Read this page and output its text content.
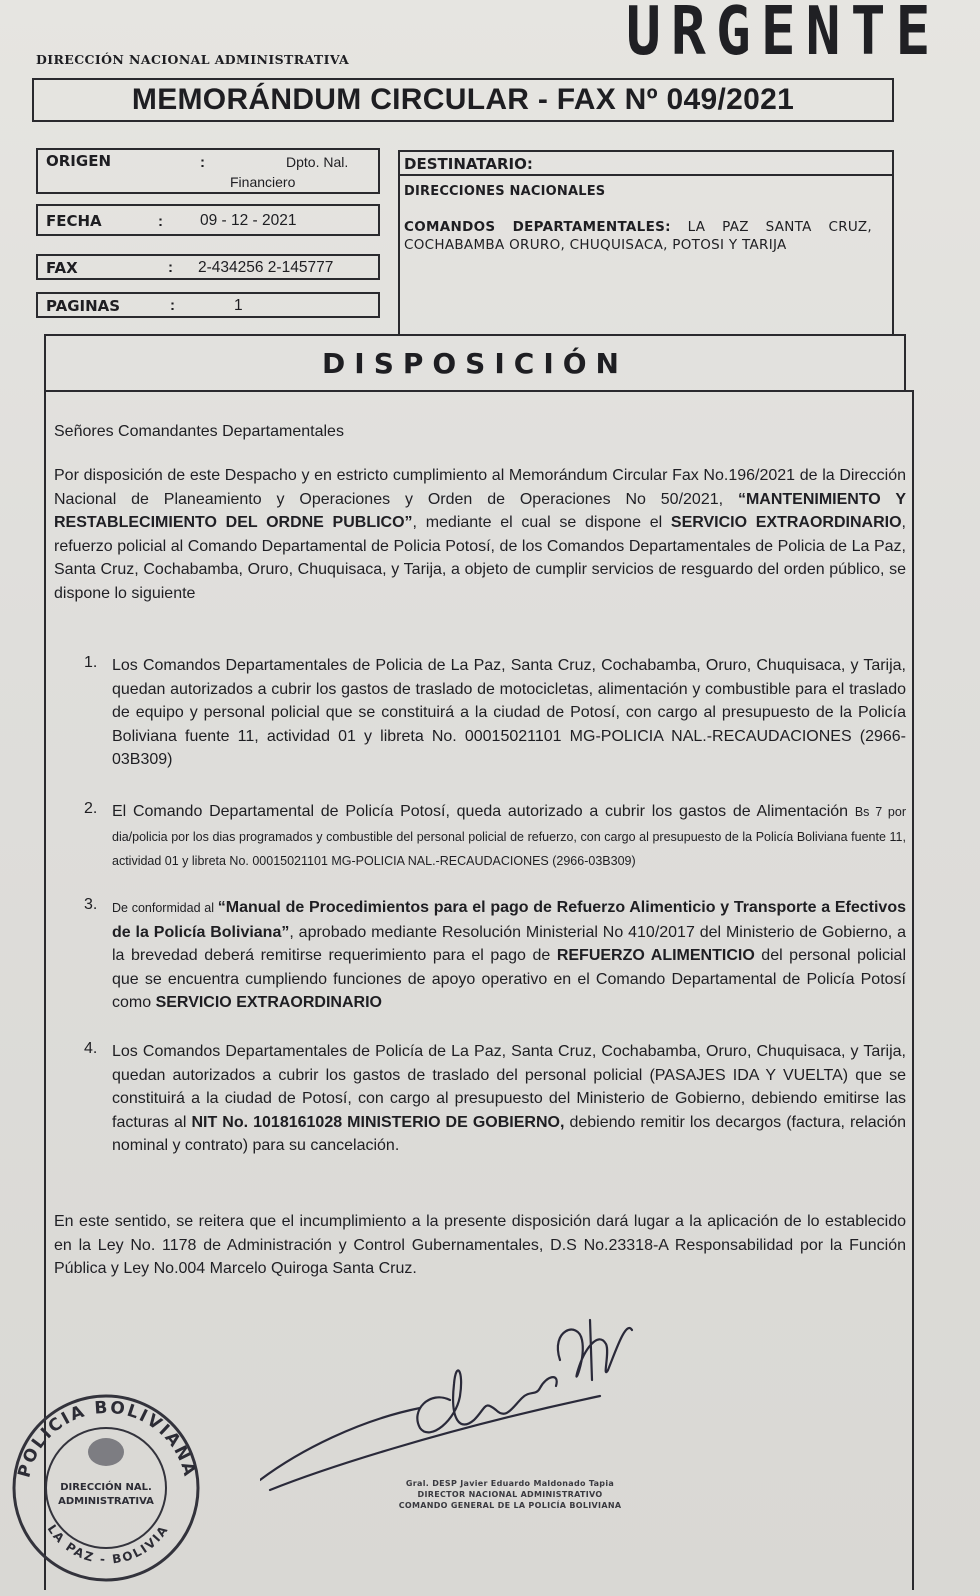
DIRECCIÓN NACIONAL ADMINISTRATIVA	URGENTE
MEMORÁNDUM CIRCULAR - FAX Nº 049/2021
ORIGEN	:	Dpto. Nal.
Financiero
FECHA	: 09 - 12 - 2021
FAX	: 2-434256 2-145777
PAGINAS	:	1
DESTINATARIO:
DIRECCIONES NACIONALES
COMANDOS DEPARTAMENTALES: LA PAZ SANTA CRUZ, COCHABAMBA ORURO, CHUQUISACA, POTOSI Y TARIJA
DISPOSICIÓN
Señores Comandantes Departamentales
Por disposición de este Despacho y en estricto cumplimiento al Memorándum Circular Fax No.196/2021 de la Dirección Nacional de Planeamiento y Operaciones y Orden de Operaciones No 50/2021, “MANTENIMIENTO Y RESTABLECIMIENTO DEL ORDNE PUBLICO”, mediante el cual se dispone el SERVICIO EXTRAORDINARIO, refuerzo policial al Comando Departamental de Policia Potosí, de los Comandos Departamentales de Policia de La Paz, Santa Cruz, Cochabamba, Oruro, Chuquisaca, y Tarija, a objeto de cumplir servicios de resguardo del orden público, se dispone lo siguiente
1. Los Comandos Departamentales de Policia de La Paz, Santa Cruz, Cochabamba, Oruro, Chuquisaca, y Tarija, quedan autorizados a cubrir los gastos de traslado de motocicletas, alimentación y combustible para el traslado de equipo y personal policial que se constituirá a la ciudad de Potosí, con cargo al presupuesto de la Policía Boliviana fuente 11, actividad 01 y libreta No. 00015021101 MG-POLICIA NAL.-RECAUDACIONES (2966-03B309)
2. El Comando Departamental de Policía Potosí, queda autorizado a cubrir los gastos de Alimentación Bs 7 por dia/policia por los dias programados y combustible del personal policial de refuerzo, con cargo al presupuesto de la Policía Boliviana fuente 11, actividad 01 y libreta No. 00015021101 MG-POLICIA NAL.-RECAUDACIONES (2966-03B309)
3.	De conformidad al “Manual de Procedimientos para el pago de Refuerzo Alimenticio y Transporte a Efectivos de la Policía Boliviana”, aprobado mediante Resolución Ministerial No 410/2017 del Ministerio de Gobierno, a la brevedad deberá remitirse requerimiento para el pago de REFUERZO ALIMENTICIO del personal policial que se encuentra cumpliendo funciones de apoyo operativo en el Comando Departamental de Policía Potosí como SERVICIO EXTRAORDINARIO
4. Los Comandos Departamentales de Policía de La Paz, Santa Cruz, Cochabamba, Oruro, Chuquisaca, y Tarija, quedan autorizados a cubrir los gastos de traslado del personal policial (PASAJES IDA Y VUELTA) que se constituirá a la ciudad de Potosí, con cargo al presupuesto del Ministerio de Gobierno, debiendo emitirse las facturas al NIT No. 1018161028 MINISTERIO DE GOBIERNO, debiendo remitir los decargos (factura, relación nominal y contrato) para su cancelación.
En este sentido, se reitera que el incumplimiento a la presente disposición dará lugar a la aplicación de lo establecido en la Ley No. 1178 de Administración y Control Gubernamentales, D.S No.23318-A Responsabilidad por la Función Pública y Ley No.004 Marcelo Quiroga Santa Cruz.
Gral. DESP Javier Eduardo Maldonado Tapia
DIRECTOR NACIONAL ADMINISTRATIVO
COMANDO GENERAL DE LA POLICÍA BOLIVIANA
POLICIA BOLIVIANA
LA PAZ - BOLIVIA
DIRECCIÓN NAL.
ADMINISTRATIVA
